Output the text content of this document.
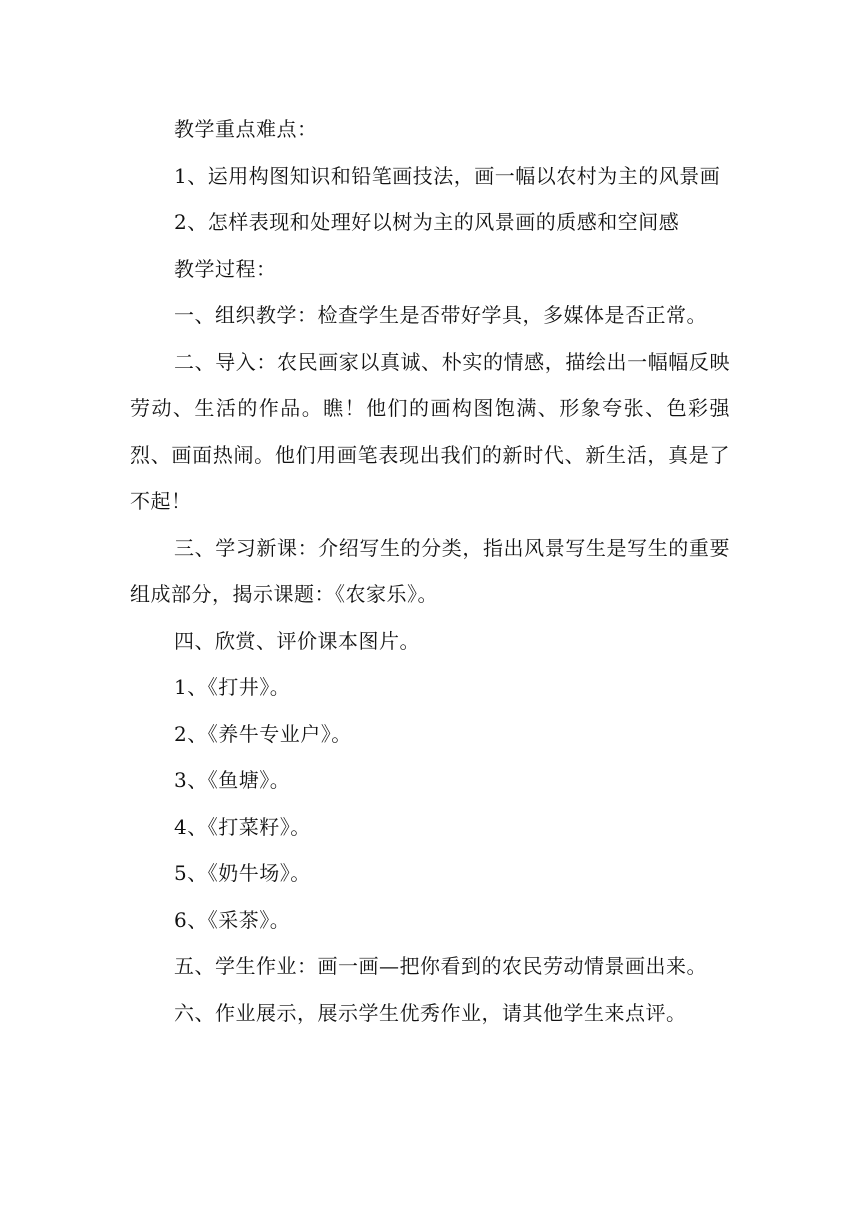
教学重点难点：

1、运用构图知识和铅笔画技法，画一幅以农村为主的风景画

2、怎样表现和处理好以树为主的风景画的质感和空间感

教学过程：

一、组织教学：检查学生是否带好学具，多媒体是否正常。

二、导入：农民画家以真诚、朴实的情感，描绘出一幅幅反映劳动、生活的作品。瞧！他们的画构图饱满、形象夸张、色彩强烈、画面热闹。他们用画笔表现出我们的新时代、新生活，真是了不起！

三、学习新课：介绍写生的分类，指出风景写生是写生的重要组成部分，揭示课题：《农家乐》。

四、欣赏、评价课本图片。

1、《打井》。

2、《养牛专业户》。

3、《鱼塘》。

4、《打菜籽》。

5、《奶牛场》。

6、《采茶》。

五、学生作业：画一画—把你看到的农民劳动情景画出来。

六、作业展示，展示学生优秀作业，请其他学生来点评。
